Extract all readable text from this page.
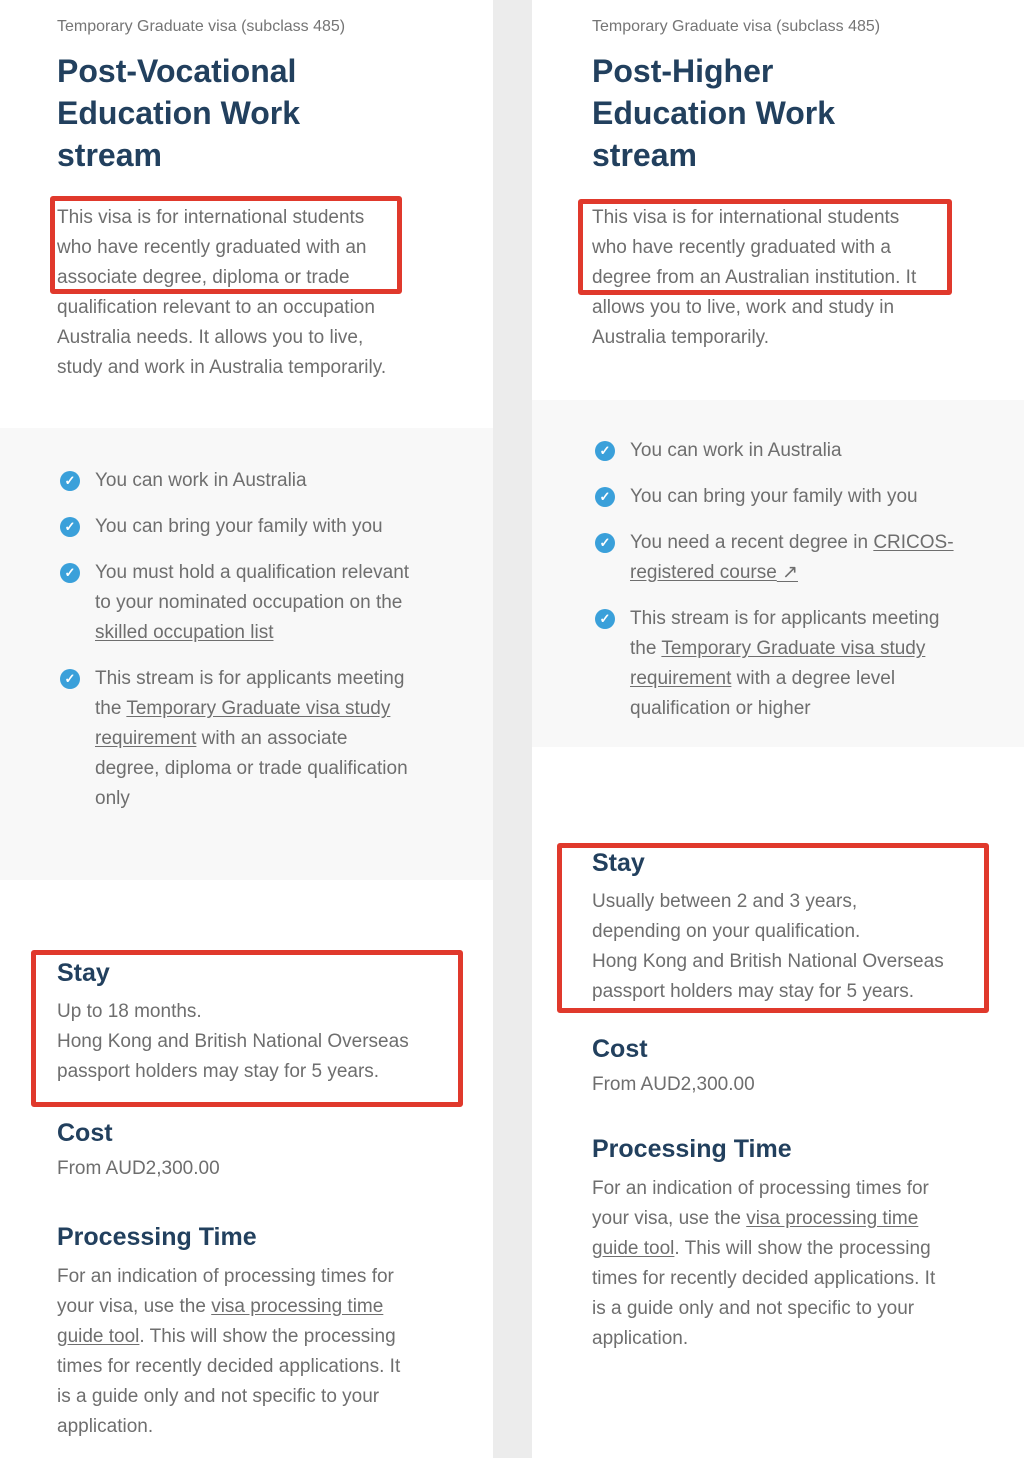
✓ You can work in Australia
✓ You can bring your family with you
✓ You must hold a qualification relevant to your nominated occupation on the skilled occupation list
✓ This stream is for applicants meeting the Temporary Graduate visa study requirement with an associate degree, diploma or trade qualification only
Temporary Graduate visa (subclass 485)
Post-Vocational Education Work stream

This visa is for international students who have recently graduated with an associate degree, diploma or trade qualification relevant to an occupation Australia needs. It allows you to live, study and work in Australia temporarily.

Stay
Up to 18 months.
Hong Kong and British National Overseas passport holders may stay for 5 years.
Cost
From AUD2,300.00
Processing Time
For an indication of processing times for your visa, use the visa processing time guide tool. This will show the processing times for recently decided applications. It is a guide only and not specific to your application.
✓ You can work in Australia
✓ You can bring your family with you
✓ You need a recent degree in CRICOS-registered course ↗
✓ This stream is for applicants meeting the Temporary Graduate visa study requirement with a degree level qualification or higher
Temporary Graduate visa (subclass 485)
Post-Higher Education Work stream

This visa is for international students who have recently graduated with a degree from an Australian institution. It allows you to live, work and study in Australia temporarily.

Stay
Usually between 2 and 3 years, depending on your qualification.
Hong Kong and British National Overseas passport holders may stay for 5 years.
Cost
From AUD2,300.00
Processing Time
For an indication of processing times for your visa, use the visa processing time guide tool. This will show the processing times for recently decided applications. It is a guide only and not specific to your application.
